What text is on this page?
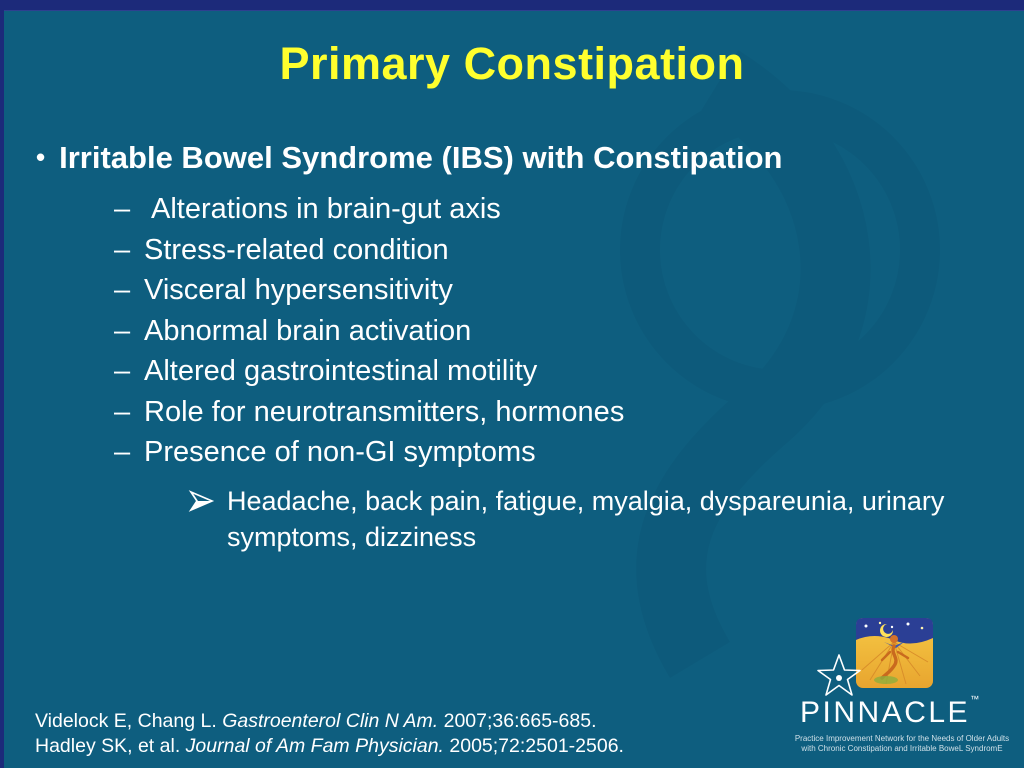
Primary Constipation
• Irritable Bowel Syndrome (IBS) with Constipation
– Alterations in brain-gut axis
– Stress-related condition
– Visceral hypersensitivity
– Abnormal brain activation
– Altered gastrointestinal motility
– Role for neurotransmitters, hormones
– Presence of non-GI symptoms
Headache, back pain, fatigue, myalgia, dyspareunia, urinary symptoms, dizziness
Videlock E, Chang L. Gastroenterol Clin N Am. 2007;36:665-685.
Hadley SK, et al. Journal of Am Fam Physician. 2005;72:2501-2506.
PINNACLE™
Practice Improvement Network for the Needs of Older Adults
with Chronic Constipation and Irritable BoweL SyndromE
